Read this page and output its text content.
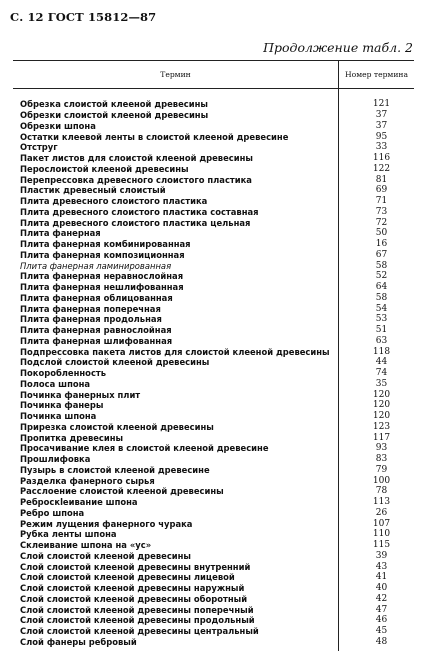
С. 12 ГОСТ 15812—87
Продолжение табл. 2
Термин	Номер термина
Обрезка слоистой клееной древесины	121
Обрезки слоистой клееной древесины	37
Обрезки шпона	37
Остатки клеевой ленты в слоистой клееной древесине	95
Отструг	33
Пакет листов для слоистой клееной древесины	116
Перослоистой клееной древесины	122
Перепрессовка древесного слоистого пластика	81
Пластик древесный слоистый	69
Плита древесного слоистого пластика	71
Плита древесного слоистого пластика составная	73
Плита древесного слоистого пластика цельная	72
Плита фанерная	50
Плита фанерная комбинированная	16
Плита фанерная композиционная	67
Плита фанерная ламинированная	58
Плита фанерная неравнослойная	52
Плита фанерная нешлифованная	64
Плита фанерная облицованная	58
Плита фанерная поперечная	54
Плита фанерная продольная	53
Плита фанерная равнослойная	51
Плита фанерная шлифованная	63
Подпрессовка пакета листов для слоистой клееной древесины	118
Подслой слоистой клееной древесины	44
Покоробленность	74
Полоса шпона	35
Починка фанерных плит	120
Починка фанеры	120
Починка шпона	120
Прирезка слоистой клееной древесины	123
Пропитка древесины	117
Просачивание клея в слоистой клееной древесине	93
Прошлифовка	83
Пузырь в слоистой клееной древесине	79
Разделка фанерного сырья	100
Расслоение слоистой клееной древесины	78
Реброскleивание шпона	113
Ребро шпона	26
Режим лущения фанерного чурака	107
Рубка ленты шпона	110
Склеивание шпона на «ус»	115
Слой слоистой клееной древесины	39
Слой слоистой клееной древесины внутренний	43
Слой слоистой клееной древесины лицевой	41
Слой слоистой клееной древесины наружный	40
Слой слоистой клееной древесины оборотный	42
Слой слоистой клееной древесины поперечный	47
Слой слоистой клееной древесины продольный	46
Слой слоистой клееной древесины центральный	45
Слой фанеры ребровый	48
